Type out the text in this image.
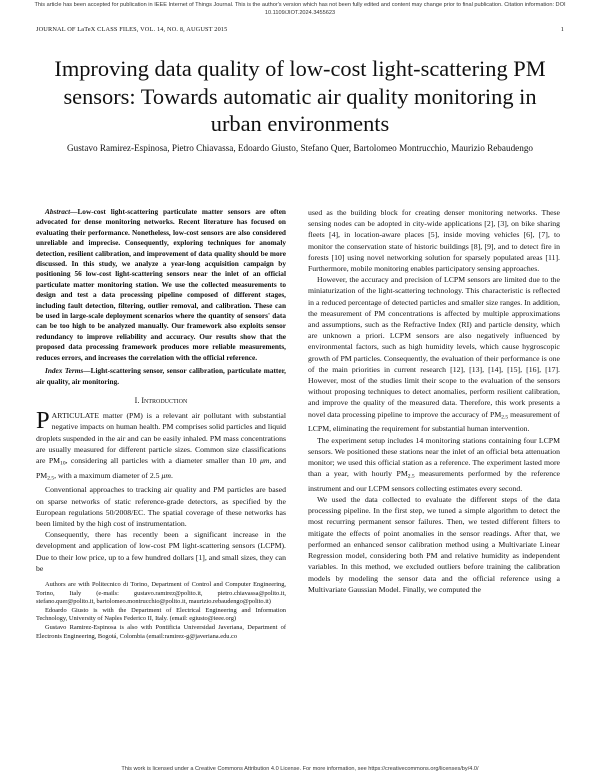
This article has been accepted for publication in IEEE Internet of Things Journal. This is the author's version which has not been fully edited and content may change prior to final publication. Citation information: DOI 10.1109/JIOT.2024.3455623
JOURNAL OF LaTeX CLASS FILES, VOL. 14, NO. 8, AUGUST 2015	1
Improving data quality of low-cost light-scattering PM sensors: Towards automatic air quality monitoring in urban environments
Gustavo Ramirez-Espinosa, Pietro Chiavassa, Edoardo Giusto, Stefano Quer, Bartolomeo Montrucchio, Maurizio Rebaudengo

Abstract—Low-cost light-scattering particulate matter sensors are often advocated for dense monitoring networks. Recent literature has focused on evaluating their performance. Nonetheless, low-cost sensors are also considered unreliable and imprecise. Consequently, exploring techniques for anomaly detection, resilient calibration, and improvement of data quality should be more discussed. In this study, we analyze a year-long acquisition campaign by positioning 56 low-cost light-scattering sensors near the inlet of an official particulate matter monitoring station. We use the collected measurements to design and test a data processing pipeline composed of different stages, including fault detection, filtering, outlier removal, and calibration. These can be used in large-scale deployment scenarios where the quantity of sensors' data can be too high to be analyzed manually. Our framework also exploits sensor redundancy to improve reliability and accuracy. Our results show that the proposed data processing framework produces more reliable measurements, reduces errors, and increases the correlation with the official reference.

Index Terms—Light-scattering sensor, sensor calibration, particulate matter, air quality, air monitoring.

I. Introduction

PARTICULATE matter (PM) is a relevant air pollutant with substantial negative impacts on human health. PM comprises solid particles and liquid droplets suspended in the air and can be easily inhaled. PM mass concentrations are usually measured for different particle sizes. Common size classifications are $PM_{10}$, considering all particles with a diameter smaller than 10 μm, and $PM_{2.5}$, with a maximum diameter of 2.5 μm.

Conventional approaches to tracking air quality and PM particles are based on sparse networks of static reference-grade detectors, as specified by the European regulations 50/2008/EC. The spatial coverage of these networks has been limited by the high cost of instrumentation.

Consequently, there has recently been a significant increase in the development and application of low-cost PM light-scattering sensors (LCPM). Due to their low price, up to a few hundred dollars [1], and small sizes, they can be

Authors are with Politecnico di Torino, Department of Control and Computer Engineering, Torino, Italy (e-mails: gustavo.ramirez@polito.it, pietro.chiavassa@polito.it, stefano.quer@polito.it, bartolomeo.montrucchio@polito.it, maurizio.rebaudengo@polito.it)

Edoardo Giusto is with the Department of Electrical Engineering and Information Technology, University of Naples Federico II, Italy. (email: egiusto@ieee.org)

Gustavo Ramirez-Espinosa is also with Pontificia Universidad Javeriana, Department of Electronis Engineering, Bogotá, Colombia (email:ramirez-g@javeriana.edu.co

used as the building block for creating denser monitoring networks. These sensing nodes can be adopted in city-wide applications [2], [3], on bike sharing fleets [4], in location-aware places [5], inside moving vehicles [6], [7], to monitor the conservation state of historic buildings [8], [9], and to detect fire in forests [10] using novel networking solution for sparsely populated areas [11]. Furthermore, mobile monitoring enables participatory sensing approaches.

However, the accuracy and precision of LCPM sensors are limited due to the miniaturization of the light-scattering technology. This characteristic is reflected in a reduced percentage of detected particles and smaller size ranges. In addition, the measurement of PM concentrations is affected by multiple approximations and assumptions, such as the Refractive Index (RI) and particle density, which are unknown a priori. LCPM sensors are also negatively influenced by environmental factors, such as high humidity levels, which cause hygroscopic growth of PM particles. Consequently, the evaluation of their performance is one of the main priorities in current research [12], [13], [14], [15], [16], [17]. However, most of the studies limit their scope to the evaluation of the sensors without proposing techniques to detect anomalies, perform resilient calibration, and improve the quality of the measured data. Therefore, this work presents a novel data processing pipeline to improve the accuracy of $PM_{2.5}$ measurement of LCPM, eliminating the requirement for substantial human intervention.

The experiment setup includes 14 monitoring stations containing four LCPM sensors. We positioned these stations near the inlet of an official beta attenuation monitor; we used this official station as a reference. The experiment lasted more than a year, with hourly $PM_{2.5}$ measurements performed by the reference instrument and our LCPM sensors collecting estimates every second.

We used the data collected to evaluate the different steps of the data processing pipeline. In the first step, we tuned a simple algorithm to detect the most recurring permanent sensor failures. Then, we tested different filters to mitigate the effects of point anomalies in the sensor readings. After that, we performed an enhanced sensor calibration method using a Multivariate Linear Regression model, considering both PM and relative humidity as independent variables. In this method, we excluded outliers before training the calibration models by modeling the sensor data and the official reference using a Multivariate Gaussian Model. Finally, we computed the

This work is licensed under a Creative Commons Attribution 4.0 License. For more information, see https://creativecommons.org/licenses/by/4.0/
